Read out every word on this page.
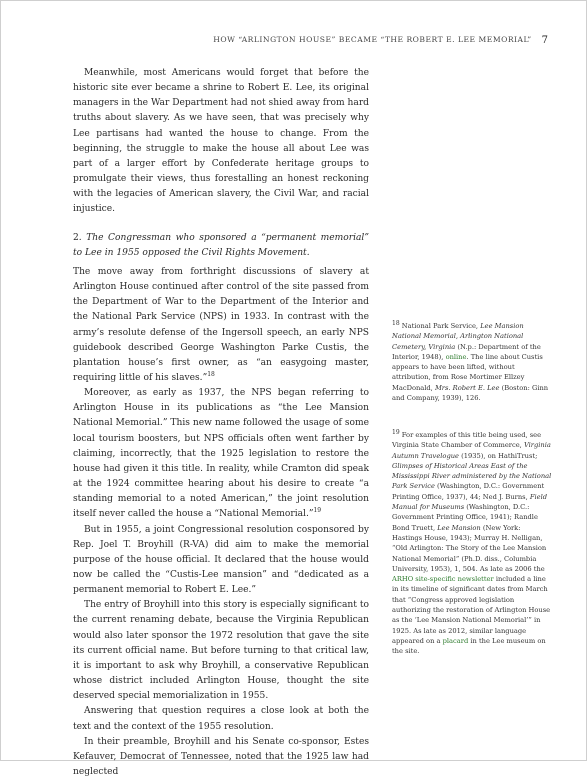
HOW “ARLINGTON HOUSE” BECAME “THE ROBERT E. LEE MEMORIAL” 7

Meanwhile, most Americans would forget that before the historic site ever became a shrine to Robert E. Lee, its original managers in the War Department had not shied away from hard truths about slavery. As we have seen, that was precisely why Lee partisans had wanted the house to change. From the beginning, the struggle to make the house all about Lee was part of a larger effort by Confederate heritage groups to promulgate their views, thus forestalling an honest reckoning with the legacies of American slavery, the Civil War, and racial injustice.

2. The Congressman who sponsored a “permanent memorial” to Lee in 1955 opposed the Civil Rights Movement.

The move away from forthright discussions of slavery at Arlington House continued after control of the site passed from the Department of War to the Department of the Interior and the National Park Service (NPS) in 1933. In contrast with the army’s resolute defense of the Ingersoll speech, an early NPS guidebook described George Washington Parke Custis, the plantation house’s first owner, as “an easygoing master, requiring little of his slaves.”$^{18}$

Moreover, as early as 1937, the NPS began referring to Arlington House in its publications as “the Lee Mansion National Memorial.” This new name followed the usage of some local tourism boosters, but NPS officials often went farther by claiming, incorrectly, that the 1925 legislation to restore the house had given it this title. In reality, while Cramton did speak at the 1924 committee hearing about his desire to create “a standing memorial to a noted American,” the joint resolution itself never called the house a “National Memorial.”$^{19}$

But in 1955, a joint Congressional resolution cosponsored by Rep. Joel T. Broyhill (R-VA) did aim to make the memorial purpose of the house official. It declared that the house would now be called the “Custis-Lee mansion” and “dedicated as a permanent memorial to Robert E. Lee.”

The entry of Broyhill into this story is especially significant to the current renaming debate, because the Virginia Republican would also later sponsor the 1972 resolution that gave the site its current official name. But before turning to that critical law, it is important to ask why Broyhill, a conservative Republican whose district included Arlington House, thought the site deserved special memorialization in 1955.

Answering that question requires a close look at both the text and the context of the 1955 resolution.

In their preamble, Broyhill and his Senate co-sponsor, Estes Kefauver, Democrat of Tennessee, noted that the 1925 law had neglected

$^{18}$ National Park Service, Lee Mansion National Memorial, Arlington National Cemetery, Virginia (N.p.: Department of the Interior, 1948), online. The line about Custis appears to have been lifted, without attribution, from Rose Mortimer Ellzey MacDonald, Mrs. Robert E. Lee (Boston: Ginn and Company, 1939), 126.

$^{19}$ For examples of this title being used, see Virginia State Chamber of Commerce, Virginia Autumn Travelogue (1935), on HathiTrust; Glimpses of Historical Areas East of the Mississippi River administered by the National Park Service (Washington, D.C.: Government Printing Office, 1937), 44; Ned J. Burns, Field Manual for Museums (Washington, D.C.: Government Printing Office, 1941); Randle Bond Truett, Lee Mansion (New York: Hastings House, 1943); Murray H. Nelligan, “Old Arlington: The Story of the Lee Mansion National Memorial” (Ph.D. diss., Columbia University, 1953), 1, 504. As late as 2006 the ARHO site-specific newsletter included a line in its timeline of significant dates from March that “Congress approved legislation authorizing the restoration of Arlington House as the ‘Lee Mansion National Memorial’” in 1925. As late as 2012, similar language appeared on a placard in the Lee museum on the site.
